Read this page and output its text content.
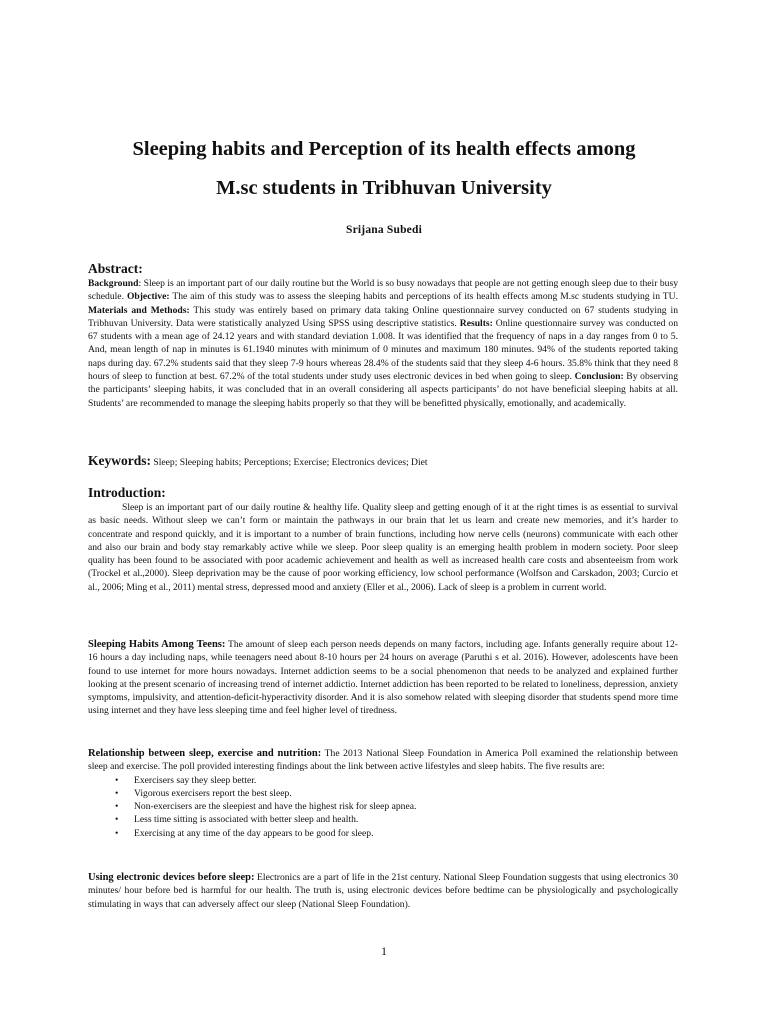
Sleeping habits and Perception of its health effects among
M.sc students in Tribhuvan University
Srijana Subedi
Abstract:

Background: Sleep is an important part of our daily routine but the World is so busy nowadays that people are not getting enough sleep due to their busy schedule. Objective: The aim of this study was to assess the sleeping habits and perceptions of its health effects among M.sc students studying in TU. Materials and Methods: This study was entirely based on primary data taking Online questionnaire survey conducted on 67 students studying in Tribhuvan University. Data were statistically analyzed Using SPSS using descriptive statistics. Results: Online questionnaire survey was conducted on 67 students with a mean age of 24.12 years and with standard deviation 1.008. It was identified that the frequency of naps in a day ranges from 0 to 5. And, mean length of nap in minutes is 61.1940 minutes with minimum of 0 minutes and maximum 180 minutes. 94% of the students reported taking naps during day. 67.2% students said that they sleep 7-9 hours whereas 28.4% of the students said that they sleep 4-6 hours. 35.8% think that they need 8 hours of sleep to function at best. 67.2% of the total students under study uses electronic devices in bed when going to sleep. Conclusion: By observing the participants’ sleeping habits, it was concluded that in an overall considering all aspects participants’ do not have beneficial sleeping habits at all. Students’ are recommended to manage the sleeping habits properly so that they will be benefitted physically, emotionally, and academically.

Keywords: Sleep; Sleeping habits; Perceptions; Exercise; Electronics devices; Diet
Introduction:

Sleep is an important part of our daily routine & healthy life. Quality sleep and getting enough of it at the right times is as essential to survival as basic needs. Without sleep we can’t form or maintain the pathways in our brain that let us learn and create new memories, and it’s harder to concentrate and respond quickly, and it is important to a number of brain functions, including how nerve cells (neurons) communicate with each other and also our brain and body stay remarkably active while we sleep. Poor sleep quality is an emerging health problem in modern society. Poor sleep quality has been found to be associated with poor academic achievement and health as well as increased health care costs and absenteeism from work (Trockel et al.,2000). Sleep deprivation may be the cause of poor working efficiency, low school performance (Wolfson and Carskadon, 2003; Curcio et al., 2006; Ming et al., 2011) mental stress, depressed mood and anxiety (Eller et al., 2006). Lack of sleep is a problem in current world.

Sleeping Habits Among Teens: The amount of sleep each person needs depends on many factors, including age. Infants generally require about 12-16 hours a day including naps, while teenagers need about 8-10 hours per 24 hours on average (Paruthi s et al. 2016). However, adolescents have been found to use internet for more hours nowadays. Internet addiction seems to be a social phenomenon that needs to be analyzed and explained further looking at the present scenario of increasing trend of internet addictio. Internet addiction has been reported to be related to loneliness, depression, anxiety symptoms, impulsivity, and attention-deficit-hyperactivity disorder. And it is also somehow related with sleeping disorder that students spend more time using internet and they have less sleeping time and feel higher level of tiredness.

Relationship between sleep, exercise and nutrition: The 2013 National Sleep Foundation in America Poll examined the relationship between sleep and exercise. The poll provided interesting findings about the link between active lifestyles and sleep habits. The five results are:

• Exercisers say they sleep better.
• Vigorous exercisers report the best sleep.
• Non-exercisers are the sleepiest and have the highest risk for sleep apnea.
• Less time sitting is associated with better sleep and health.
• Exercising at any time of the day appears to be good for sleep.

Using electronic devices before sleep: Electronics are a part of life in the 21st century. National Sleep Foundation suggests that using electronics 30 minutes/ hour before bed is harmful for our health. The truth is, using electronic devices before bedtime can be physiologically and psychologically stimulating in ways that can adversely affect our sleep (National Sleep Foundation).

1
